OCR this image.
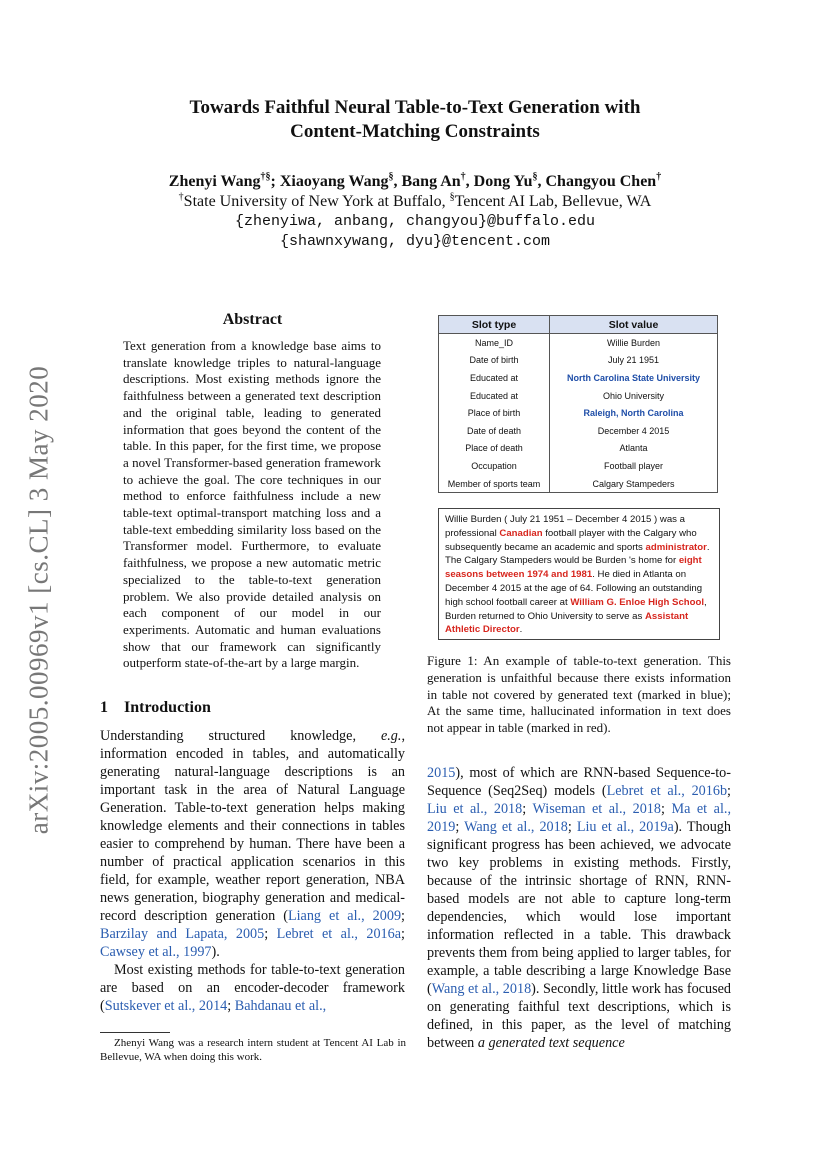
arXiv:2005.00969v1 [cs.CL] 3 May 2020
Towards Faithful Neural Table-to-Text Generation with
Content-Matching Constraints
Zhenyi Wang†§; Xiaoyang Wang§, Bang An†, Dong Yu§, Changyou Chen†
†State University of New York at Buffalo, §Tencent AI Lab, Bellevue, WA
{zhenyiwa, anbang, changyou}@buffalo.edu
{shawnxywang, dyu}@tencent.com
Abstract
Text generation from a knowledge base aims to translate knowledge triples to natural-language descriptions. Most existing methods ignore the faithfulness between a generated text description and the original table, leading to generated information that goes beyond the content of the table. In this paper, for the first time, we propose a novel Transformer-based generation framework to achieve the goal. The core techniques in our method to enforce faithfulness include a new table-text optimal-transport matching loss and a table-text embedding similarity loss based on the Transformer model. Furthermore, to evaluate faithfulness, we propose a new automatic metric specialized to the table-to-text generation problem. We also provide detailed analysis on each component of our model in our experiments. Automatic and human evaluations show that our framework can significantly outperform state-of-the-art by a large margin.
1 Introduction

Understanding structured knowledge, e.g., information encoded in tables, and automatically generating natural-language descriptions is an important task in the area of Natural Language Generation. Table-to-text generation helps making knowledge elements and their connections in tables easier to comprehend by human. There have been a number of practical application scenarios in this field, for example, weather report generation, NBA news generation, biography generation and medical-record description generation (Liang et al., 2009; Barzilay and Lapata, 2005; Lebret et al., 2016a; Cawsey et al., 1997).

Most existing methods for table-to-text generation are based on an encoder-decoder framework (Sutskever et al., 2014; Bahdanau et al.,

Zhenyi Wang was a research intern student at Tencent AI Lab in Bellevue, WA when doing this work.
Slot type	Slot value
Name_ID	Willie Burden
Date of birth	July 21 1951
Educated at	North Carolina State University
Educated at	Ohio University
Place of birth	Raleigh, North Carolina
Date of death	December 4 2015
Place of death	Atlanta
Occupation	Football player
Member of sports team	Calgary Stampeders
Willie Burden ( July 21 1951 – December 4 2015 ) was a professional Canadian football player with the Calgary who subsequently became an academic and sports administrator. The Calgary Stampeders would be Burden 's home for eight seasons between 1974 and 1981. He died in Atlanta on December 4 2015 at the age of 64. Following an outstanding high school football career at William G. Enloe High School, Burden returned to Ohio University to serve as Assistant Athletic Director.
Figure 1: An example of table-to-text generation. This generation is unfaithful because there exists information in table not covered by generated text (marked in blue); At the same time, hallucinated information in text does not appear in table (marked in red).

2015), most of which are RNN-based Sequence-to-Sequence (Seq2Seq) models (Lebret et al., 2016b; Liu et al., 2018; Wiseman et al., 2018; Ma et al., 2019; Wang et al., 2018; Liu et al., 2019a). Though significant progress has been achieved, we advocate two key problems in existing methods. Firstly, because of the intrinsic shortage of RNN, RNN-based models are not able to capture long-term dependencies, which would lose important information reflected in a table. This drawback prevents them from being applied to larger tables, for example, a table describing a large Knowledge Base (Wang et al., 2018). Secondly, little work has focused on generating faithful text descriptions, which is defined, in this paper, as the level of matching between a generated text sequence
